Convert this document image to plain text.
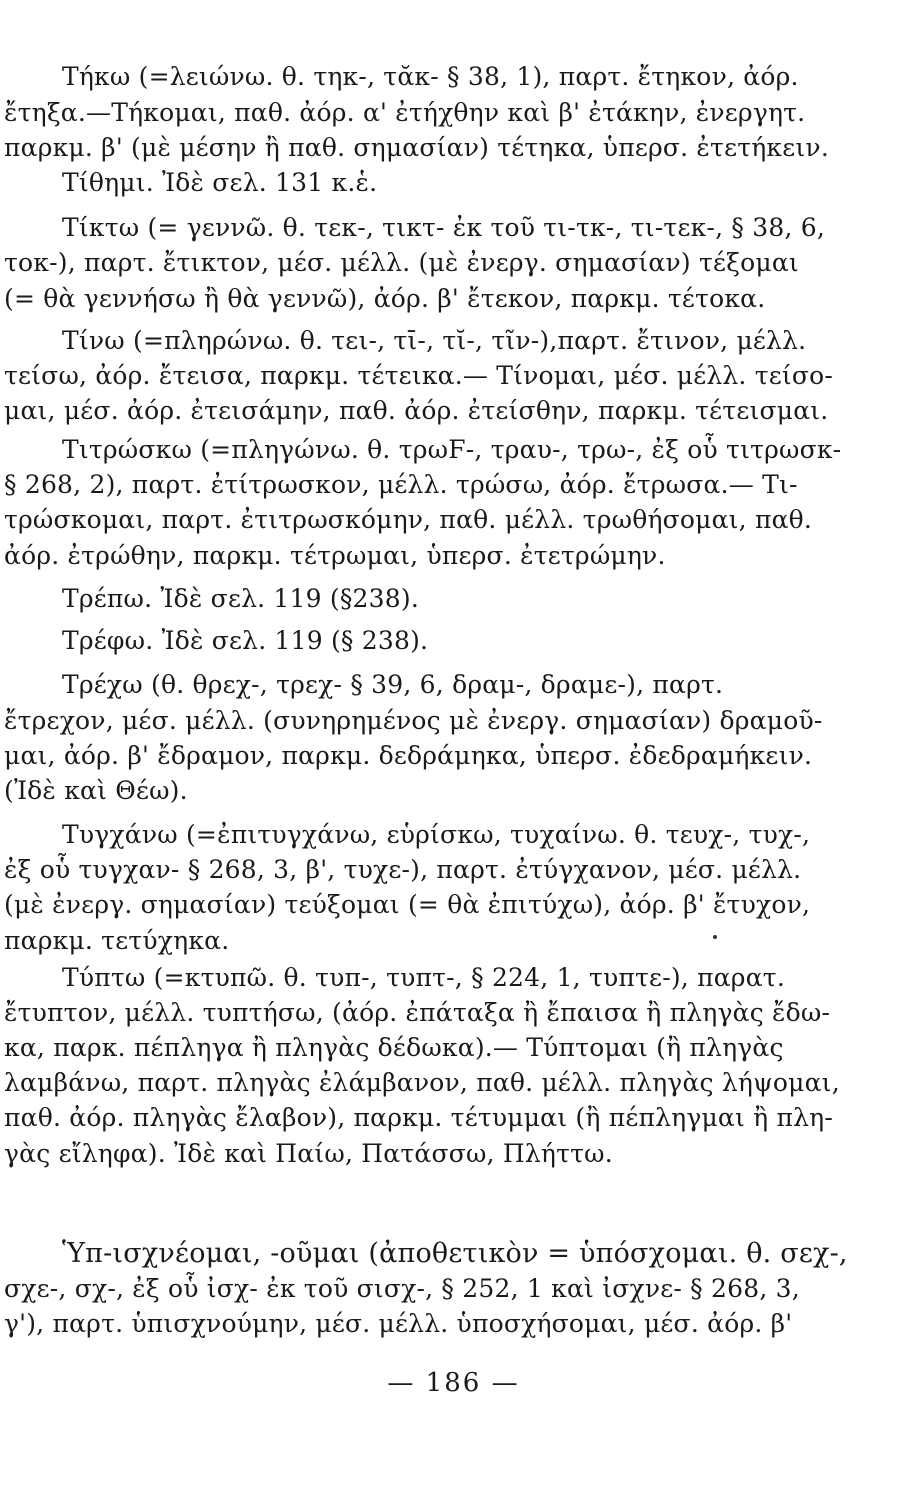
Τήκω (=λειώνω. θ. τηκ-, τᾰκ- § 38, 1), παρτ. ἔτηκον, ἀόρ.
ἔτηξα.—Τήκομαι, παθ. ἀόρ. α' ἐτήχθην καὶ β' ἐτάκην, ἐνεργητ.
παρκμ. β' (μὲ μέσην ἢ παθ. σημασίαν) τέτηκα, ὑπερσ. ἐτετήκειν.
Τίθημι. Ἰδὲ σελ. 131 κ.ἑ.
Τίκτω (= γεννῶ. θ. τεκ-, τικτ- ἐκ τοῦ τι-τκ-, τι-τεκ-, § 38, 6,
τοκ-), παρτ. ἔτικτον, μέσ. μέλλ. (μὲ ἐνεργ. σημασίαν) τέξομαι
(= θὰ γεννήσω ἢ θὰ γεννῶ), ἀόρ. β' ἔτεκον, παρκμ. τέτοκα.
Τίνω (=πληρώνω. θ. τει-, τῑ-, τῐ-, τῖν-),παρτ. ἔτινον, μέλλ.
τείσω, ἀόρ. ἔτεισα, παρκμ. τέτεικα.— Τίνομαι, μέσ. μέλλ. τείσο-
μαι, μέσ. ἀόρ. ἐτεισάμην, παθ. ἀόρ. ἐτείσθην, παρκμ. τέτεισμαι.
Τιτρώσκω (=πληγώνω. θ. τρωϜ-, τραυ-, τρω-, ἐξ οὗ τιτρωσκ-
§ 268, 2), παρτ. ἐτίτρωσκον, μέλλ. τρώσω, ἀόρ. ἔτρωσα.— Τι-
τρώσκομαι, παρτ. ἐτιτρωσκόμην, παθ. μέλλ. τρωθήσομαι, παθ.
ἀόρ. ἐτρώθην, παρκμ. τέτρωμαι, ὑπερσ. ἐτετρώμην.
Τρέπω. Ἰδὲ σελ. 119 (§238).
Τρέφω. Ἰδὲ σελ. 119 (§ 238).
Τρέχω (θ. θρεχ-, τρεχ- § 39, 6, δραμ-, δραμε-), παρτ.
ἔτρεχον, μέσ. μέλλ. (συνηρημένος μὲ ἐνεργ. σημασίαν) δραμοῦ-
μαι, ἀόρ. β' ἔδραμον, παρκμ. δεδράμηκα, ὑπερσ. ἐδεδραμήκειν.
(Ἰδὲ καὶ Θέω).
Τυγχάνω (=ἐπιτυγχάνω, εὑρίσκω, τυχαίνω. θ. τευχ-, τυχ-,
ἐξ οὗ τυγχαν- § 268, 3, β', τυχε-), παρτ. ἐτύγχανον, μέσ. μέλλ.
(μὲ ἐνεργ. σημασίαν) τεύξομαι (= θὰ ἐπιτύχω), ἀόρ. β' ἔτυχον,
παρκμ. τετύχηκα.
Τύπτω (=κτυπῶ. θ. τυπ-, τυπτ-, § 224, 1, τυπτε-), παρατ.
ἔτυπτον, μέλλ. τυπτήσω, (ἀόρ. ἐπάταξα ἢ ἔπαισα ἢ πληγὰς ἔδω-
κα, παρκ. πέπληγα ἢ πληγὰς δέδωκα).— Τύπτομαι (ἢ πληγὰς
λαμβάνω, παρτ. πληγὰς ἐλάμβανον, παθ. μέλλ. πληγὰς λήψομαι,
παθ. ἀόρ. πληγὰς ἔλαβον), παρκμ. τέτυμμαι (ἢ πέπληγμαι ἢ πλη-
γὰς εἴληφα). Ἰδὲ καὶ Παίω, Πατάσσω, Πλήττω.
Ὑπ-ισχνέομαι, -οῦμαι (ἀποθετικὸν = ὑπόσχομαι. θ. σεχ-,
σχε-, σχ-, ἐξ οὗ ἰσχ- ἐκ τοῦ σισχ-, § 252, 1 καὶ ἰσχνε- § 268, 3,
γ'), παρτ. ὑπισχνούμην, μέσ. μέλλ. ὑποσχήσομαι, μέσ. ἀόρ. β'
— 186 —
